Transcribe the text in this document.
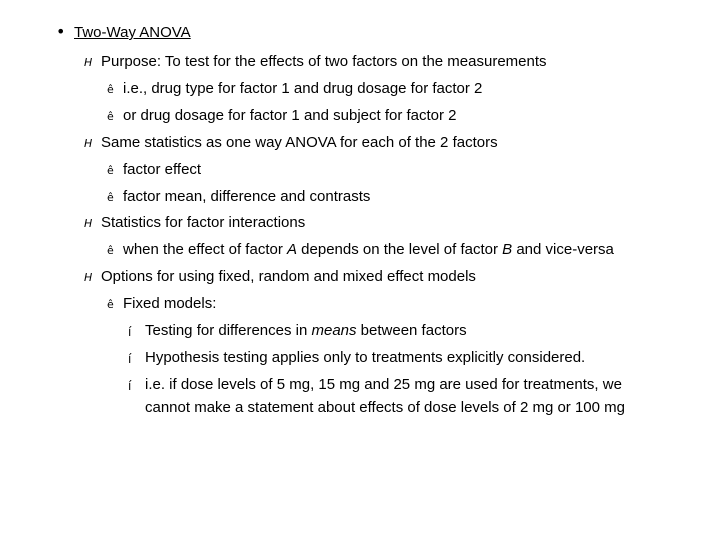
• Two-Way ANOVA
H Purpose: To test for the effects of two factors on the measurements
ê i.e., drug type for factor 1 and drug dosage for factor 2
ê or drug dosage for factor 1 and subject for factor 2
H Same statistics as one way ANOVA for each of the 2 factors
ê factor effect
ê factor mean, difference and contrasts
H Statistics for factor interactions
ê when the effect of factor A depends on the level of factor B and vice-versa
H Options for using fixed, random and mixed effect models
ê Fixed models:
í Testing for differences in means between factors
í Hypothesis testing applies only to treatments explicitly considered.
í i.e. if dose levels of 5 mg, 15 mg and 25 mg are used for treatments, we
cannot make a statement about effects of dose levels of 2 mg or 100 mg
